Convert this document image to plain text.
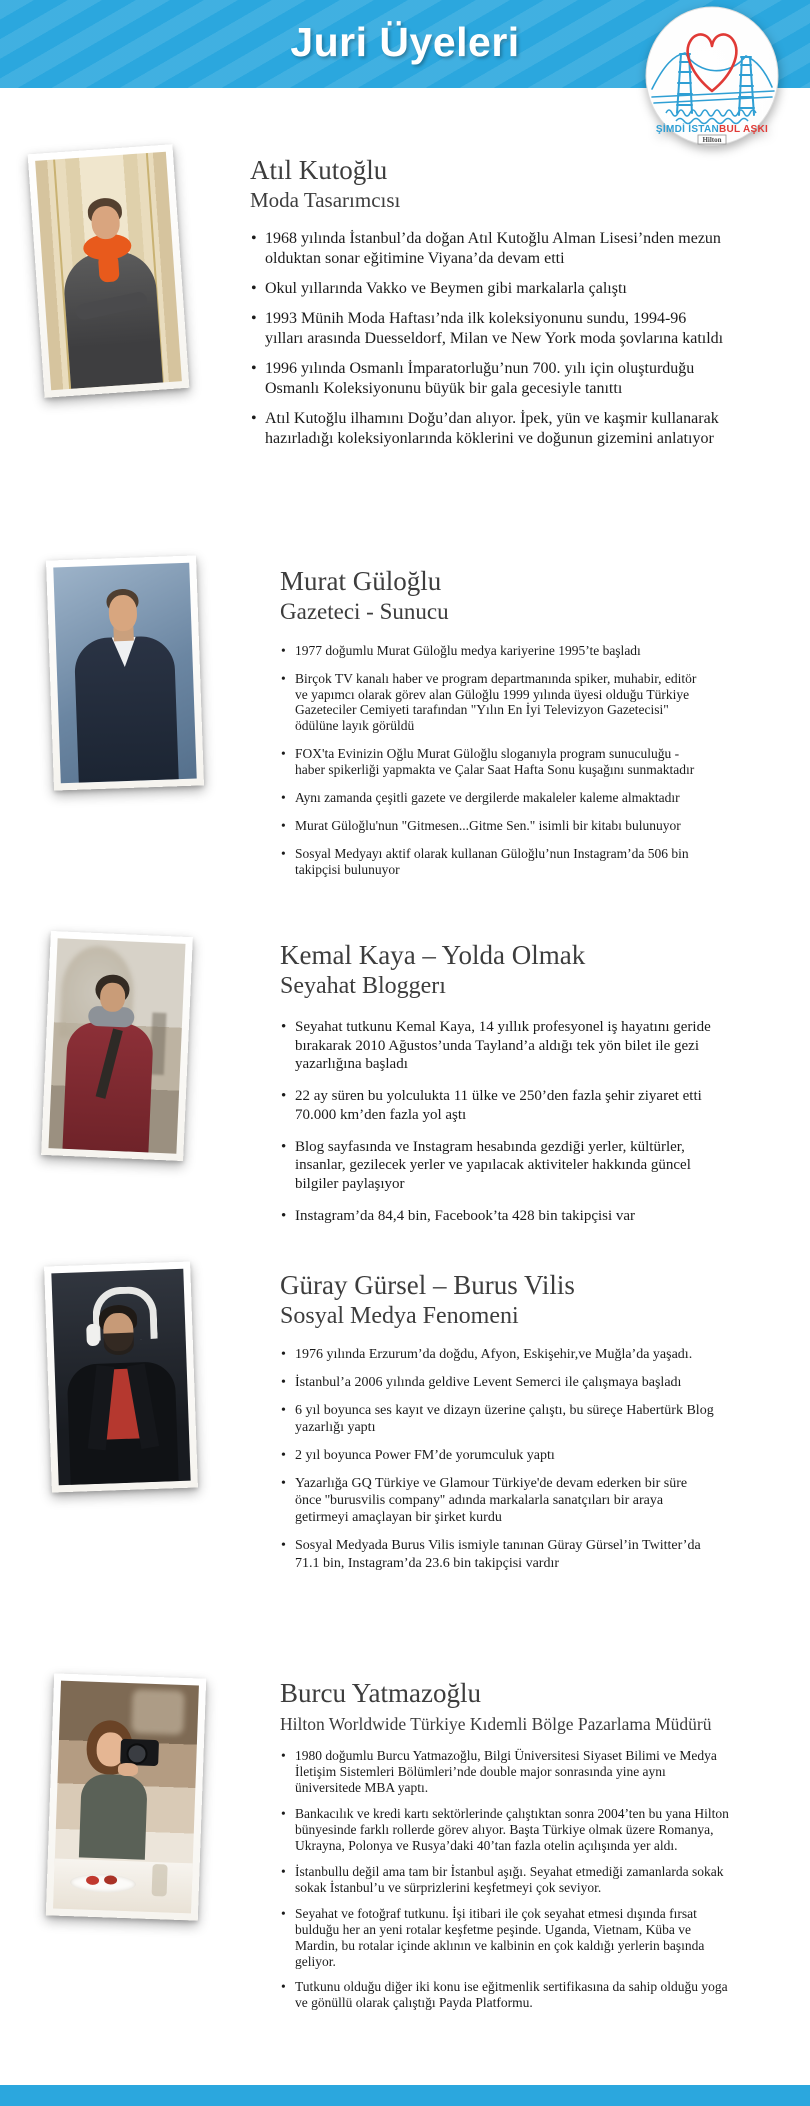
Juri Üyeleri
ŞİMDİ İSTANBUL AŞKI
Hilton
Atıl Kutoğlu
Moda Tasarımcısı
• 1968 yılında İstanbul’da doğan Atıl Kutoğlu Alman Lisesi’nden mezun olduktan sonar eğitimine Viyana’da devam etti
• Okul yıllarında Vakko ve Beymen gibi markalarla çalıştı
• 1993 Münih Moda Haftası’nda ilk koleksiyonunu sundu, 1994-96 yılları arasında Duesseldorf, Milan ve New York moda şovlarına katıldı
• 1996 yılında Osmanlı İmparatorluğu’nun 700. yılı için oluşturduğu Osmanlı Koleksiyonunu büyük bir gala gecesiyle tanıttı
• Atıl Kutoğlu ilhamını Doğu’dan alıyor. İpek, yün ve kaşmir kullanarak hazırladığı koleksiyonlarında köklerini ve doğunun gizemini anlatıyor
Murat Güloğlu
Gazeteci - Sunucu
• 1977 doğumlu Murat Güloğlu medya kariyerine 1995’te başladı
• Birçok TV kanalı haber ve program departmanında spiker, muhabir, editör ve yapımcı olarak görev alan Güloğlu 1999 yılında üyesi olduğu Türkiye Gazeteciler Cemiyeti tarafından "Yılın En İyi Televizyon Gazetecisi" ödülüne layık görüldü
• FOX'ta Evinizin Oğlu Murat Güloğlu sloganıyla program sunuculuğu - haber spikerliği yapmakta ve Çalar Saat Hafta Sonu kuşağını sunmaktadır
• Aynı zamanda çeşitli gazete ve dergilerde makaleler kaleme almaktadır
• Murat Güloğlu'nun "Gitmesen...Gitme Sen." isimli bir kitabı bulunuyor
• Sosyal Medyayı aktif olarak kullanan Güloğlu’nun Instagram’da 506 bin takipçisi bulunuyor
Kemal Kaya – Yolda Olmak
Seyahat Bloggerı
• Seyahat tutkunu Kemal Kaya, 14 yıllık profesyonel iş hayatını geride bırakarak 2010 Ağustos’unda Tayland’a aldığı tek yön bilet ile gezi yazarlığına başladı
• 22 ay süren bu yolculukta 11 ülke ve 250’den fazla şehir ziyaret etti 70.000 km’den fazla yol aştı
• Blog sayfasında ve Instagram hesabında gezdiği yerler, kültürler, insanlar, gezilecek yerler ve yapılacak aktiviteler hakkında güncel bilgiler paylaşıyor
• Instagram’da 84,4 bin, Facebook’ta 428 bin takipçisi var
Güray Gürsel – Burus Vilis
Sosyal Medya Fenomeni
• 1976 yılında Erzurum’da doğdu, Afyon, Eskişehir,ve Muğla’da yaşadı.
• İstanbul’a 2006 yılında geldive Levent Semerci ile çalışmaya başladı
• 6 yıl boyunca ses kayıt ve dizayn üzerine çalıştı, bu süreçe Habertürk Blog yazarlığı yaptı
• 2 yıl boyunca Power FM’de yorumculuk yaptı
• Yazarlığa GQ Türkiye ve Glamour Türkiye'de devam ederken bir süre önce ''burusvilis company'' adında markalarla sanatçıları bir araya getirmeyi amaçlayan bir şirket kurdu
• Sosyal Medyada Burus Vilis ismiyle tanınan Güray Gürsel’in Twitter’da 71.1 bin, Instagram’da 23.6 bin takipçisi vardır
Burcu Yatmazoğlu
Hilton Worldwide Türkiye Kıdemli Bölge Pazarlama Müdürü
• 1980 doğumlu Burcu Yatmazoğlu, Bilgi Üniversitesi Siyaset Bilimi ve Medya İletişim Sistemleri Bölümleri’nde double major sonrasında yine aynı üniversitede MBA yaptı.
• Bankacılık ve kredi kartı sektörlerinde çalıştıktan sonra 2004’ten bu yana Hilton bünyesinde farklı rollerde görev alıyor. Başta Türkiye olmak üzere Romanya, Ukrayna, Polonya ve Rusya’daki 40’tan fazla otelin açılışında yer aldı.
• İstanbullu değil ama tam bir İstanbul aşığı. Seyahat etmediği zamanlarda sokak sokak İstanbul’u ve sürprizlerini keşfetmeyi çok seviyor.
• Seyahat ve fotoğraf tutkunu. İşi itibari ile çok seyahat etmesi dışında fırsat bulduğu her an yeni rotalar keşfetme peşinde. Uganda, Vietnam, Küba ve Mardin, bu rotalar içinde aklının ve kalbinin en çok kaldığı yerlerin başında geliyor.
• Tutkunu olduğu diğer iki konu ise eğitmenlik sertifikasına da sahip olduğu yoga ve gönüllü olarak çalıştığı Payda Platformu.
